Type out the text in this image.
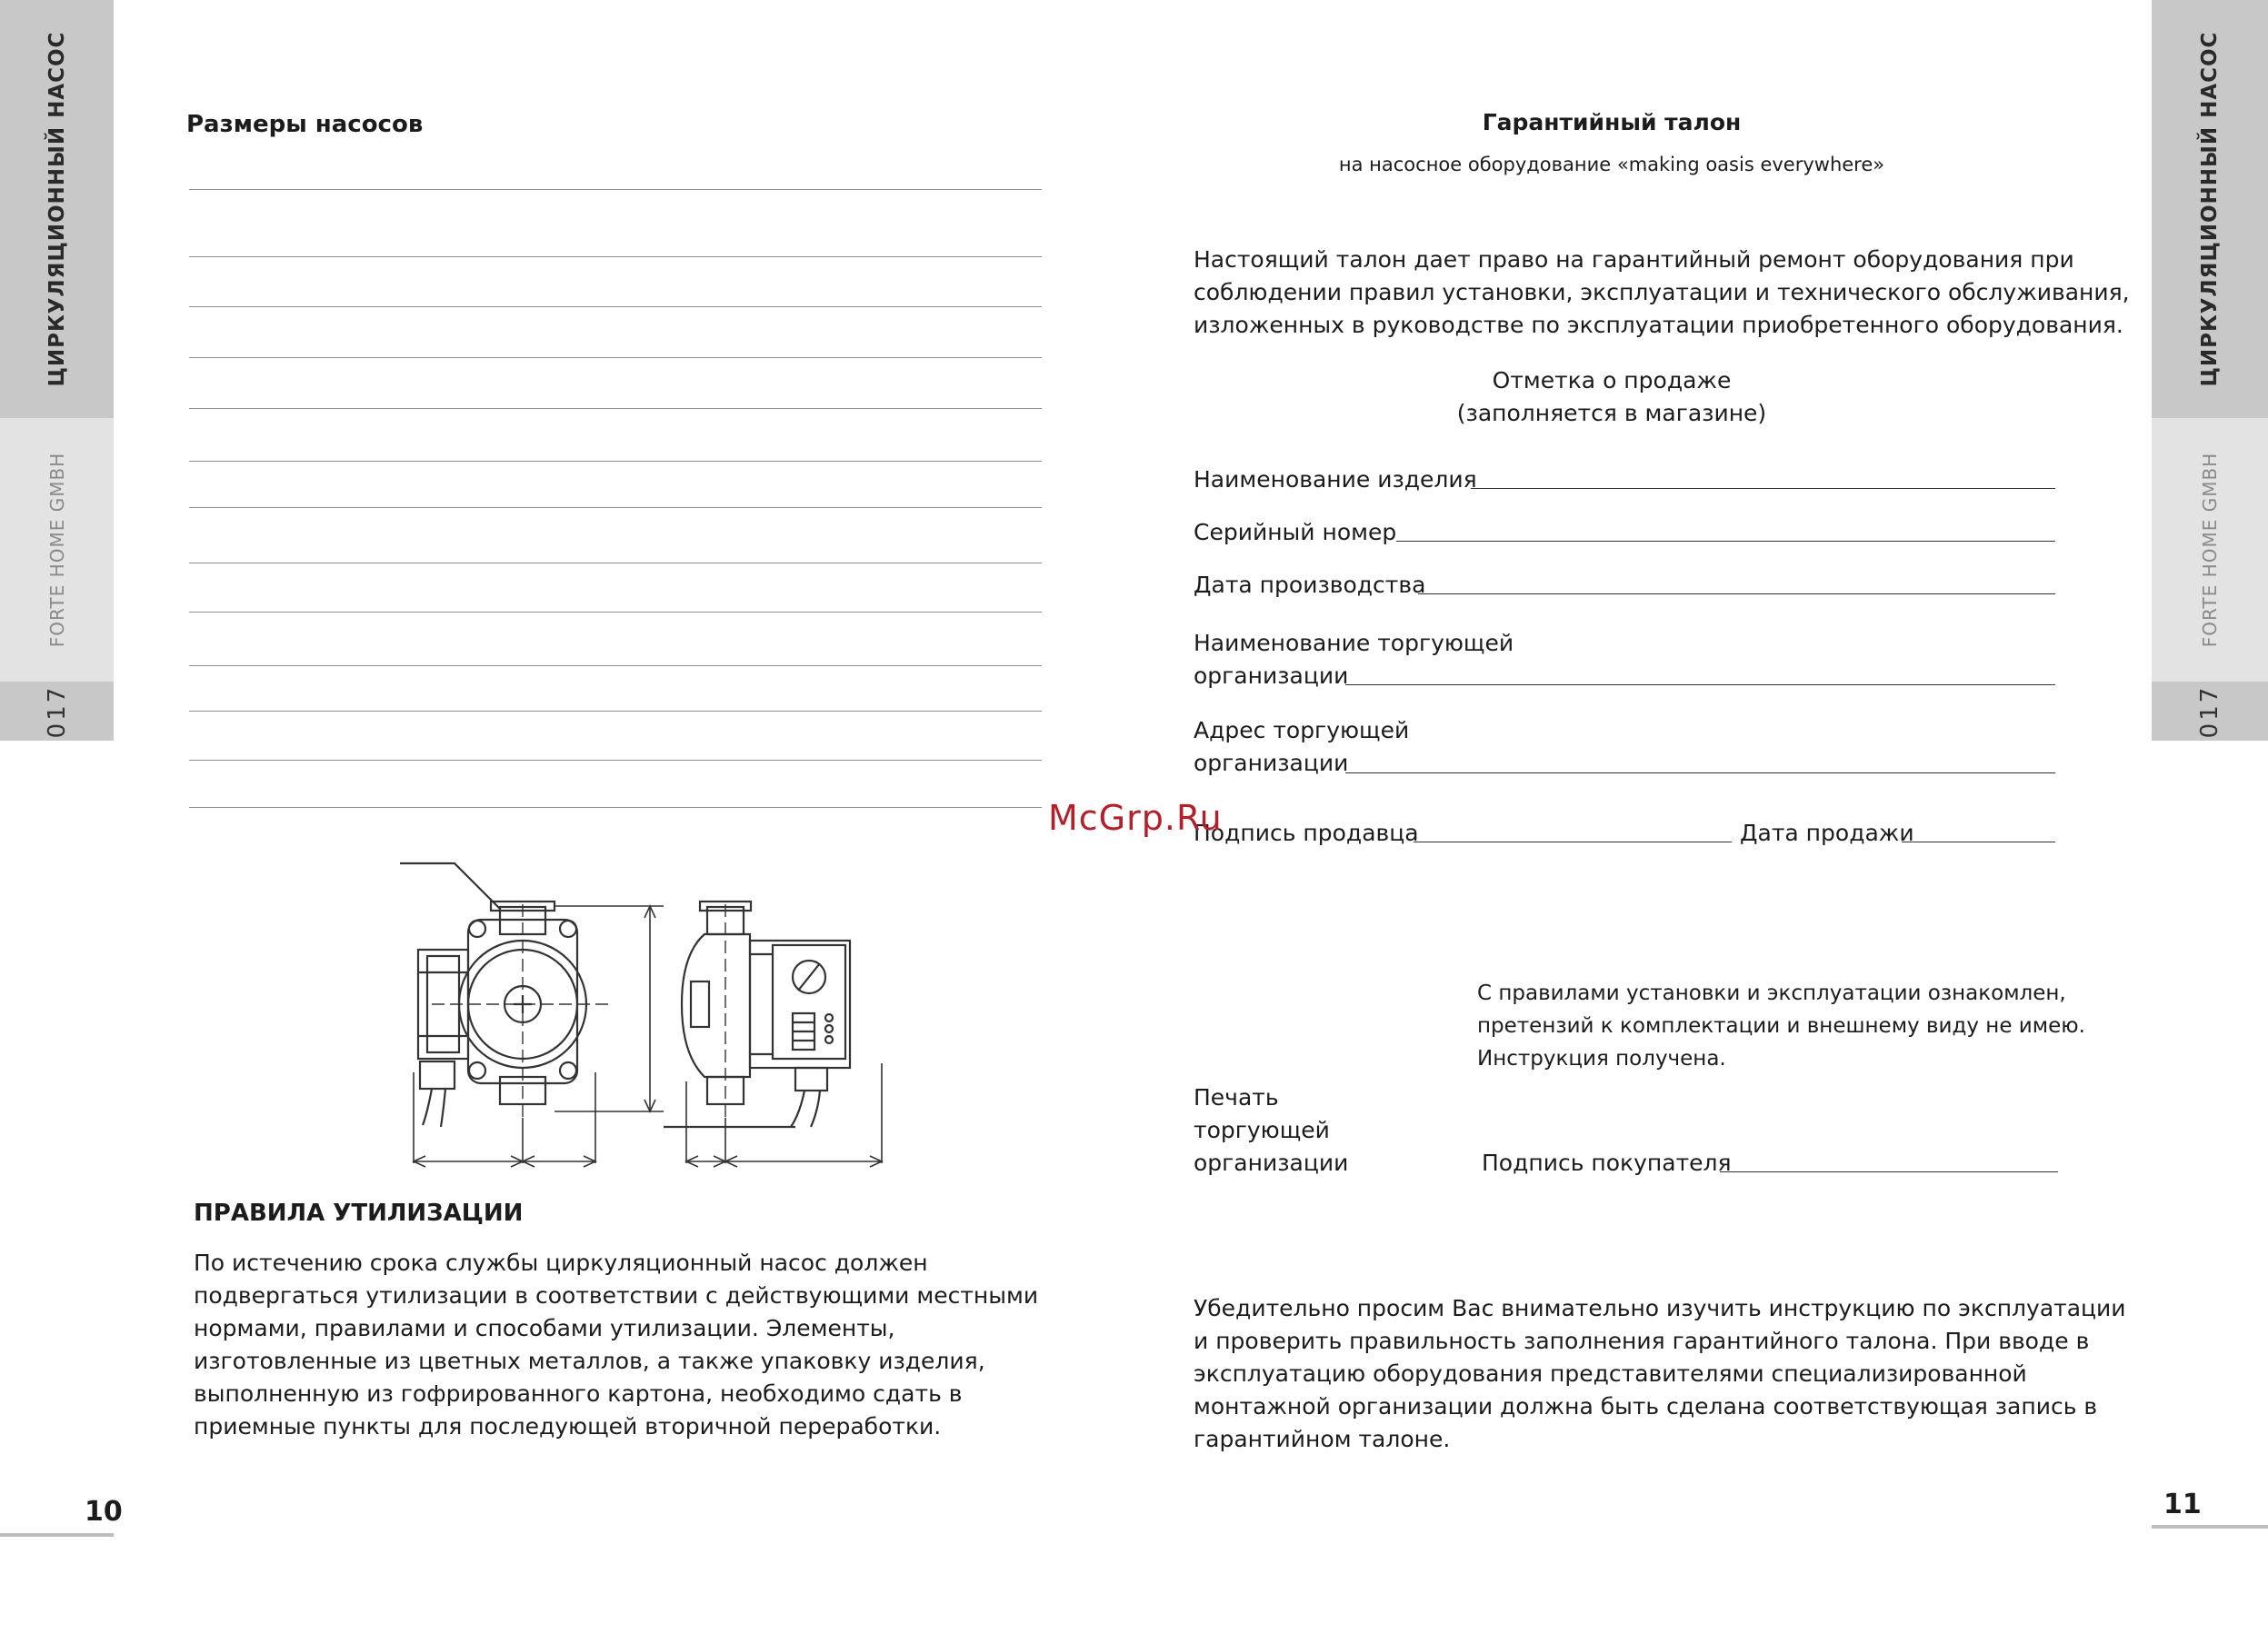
ЦИРКУЛЯЦИОННЫЙ НАСОС
FORTE HOME GMBH
017
ЦИРКУЛЯЦИОННЫЙ НАСОС
FORTE HOME GMBH
017
Размеры насосов
ПРАВИЛА УТИЛИЗАЦИИ
По истечению срока службы циркуляционный насос должен
подвергаться утилизации в соответствии с действующими местными
нормами, правилами и способами утилизации. Элементы,
изготовленные из цветных металлов, а также упаковку изделия,
выполненную из гофрированного картона, необходимо сдать в
приемные пункты для последующей вторичной переработки.
10
Гарантийный талон
на насосное оборудование «making oasis everywhere»
Настоящий талон дает право на гарантийный ремонт оборудования при
соблюдении правил установки, эксплуатации и технического обслуживания,
изложенных в руководстве по эксплуатации приобретенного оборудования.
Отметка о продаже
(заполняется в магазине)
Наименование изделия
Серийный номер
Дата производства
Наименование торгующей
организации
Адрес торгующей
организации
Подпись продавца	Дата продажи
McGrp.Ru
С правилами установки и эксплуатации ознакомлен,
претензий к комплектации и внешнему виду не имею.
Инструкция получена.
Печать
торгующей
организации	Подпись покупателя
Убедительно просим Вас внимательно изучить инструкцию по эксплуатации
и проверить правильность заполнения гарантийного талона. При вводе в
эксплуатацию оборудования представителями специализированной
монтажной организации должна быть сделана соответствующая запись в
гарантийном талоне.
11
